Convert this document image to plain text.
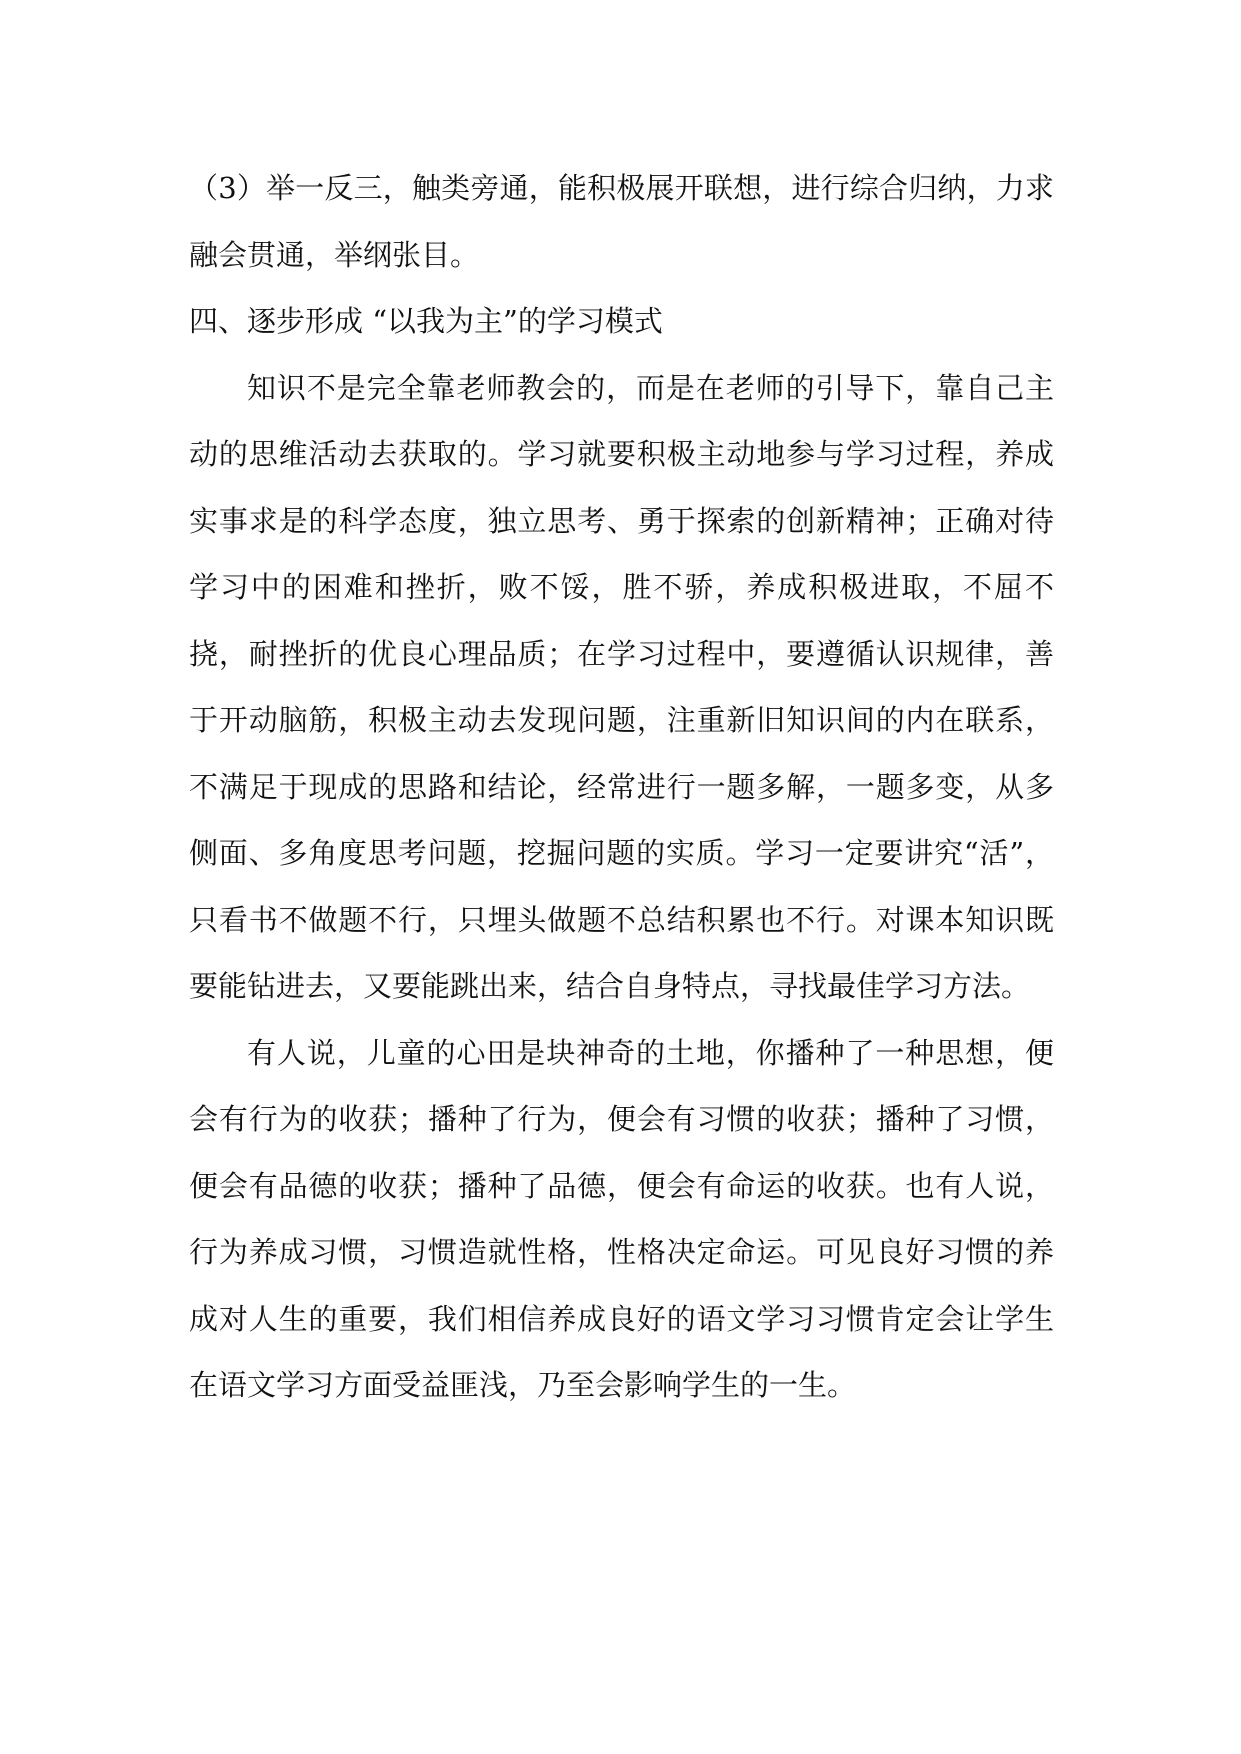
（3）举一反三，触类旁通，能积极展开联想，进行综合归纳，力求融会贯通，举纲张目。

四、逐步形成 “以我为主”的学习模式

知识不是完全靠老师教会的，而是在老师的引导下，靠自己主动的思维活动去获取的。学习就要积极主动地参与学习过程，养成实事求是的科学态度，独立思考、勇于探索的创新精神；正确对待学习中的困难和挫折，败不馁，胜不骄，养成积极进取，不屈不挠，耐挫折的优良心理品质；在学习过程中，要遵循认识规律，善于开动脑筋，积极主动去发现问题，注重新旧知识间的内在联系，不满足于现成的思路和结论，经常进行一题多解，一题多变，从多侧面、多角度思考问题，挖掘问题的实质。学习一定要讲究“活”，只看书不做题不行，只埋头做题不总结积累也不行。对课本知识既要能钻进去，又要能跳出来，结合自身特点，寻找最佳学习方法。

有人说，儿童的心田是块神奇的土地，你播种了一种思想，便会有行为的收获；播种了行为，便会有习惯的收获；播种了习惯，便会有品德的收获；播种了品德，便会有命运的收获。也有人说，行为养成习惯，习惯造就性格，性格决定命运。可见良好习惯的养成对人生的重要，我们相信养成良好的语文学习习惯肯定会让学生在语文学习方面受益匪浅，乃至会影响学生的一生。
